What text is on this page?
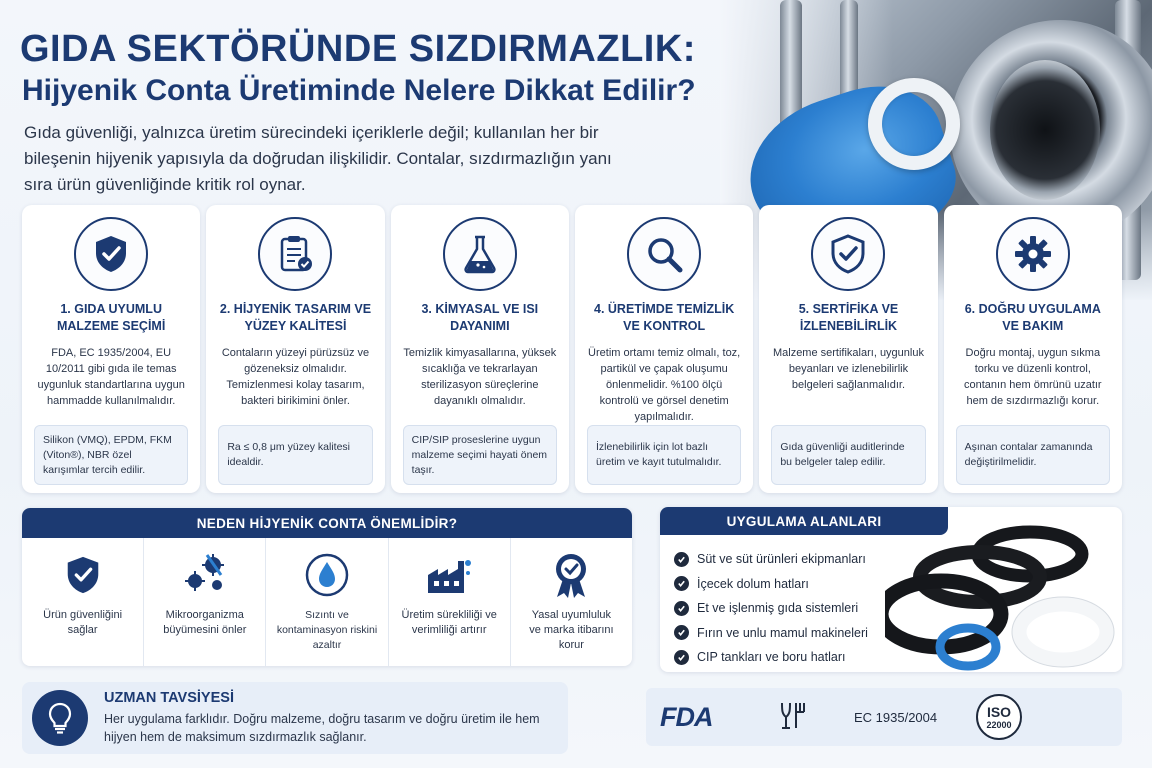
GIDA SEKTÖRÜNDE SIZDIRMAZLIK:
Hijyenik Conta Üretiminde Nelere Dikkat Edilir?

Gıda güvenliği, yalnızca üretim sürecindeki içeriklerle değil; kullanılan her bir bileşenin hijyenik yapısıyla da doğrudan ilişkilidir. Contalar, sızdırmazlığın yanı sıra ürün güvenliğinde kritik rol oynar.

1. GIDA UYUMLU MALZEME SEÇİMİ
FDA, EC 1935/2004, EU 10/2011 gibi gıda ile temas uygunluk standartlarına uygun hammadde kullanılmalıdır.
Silikon (VMQ), EPDM, FKM (Viton®), NBR özel karışımlar tercih edilir.
2. HİJYENİK TASARIM VE YÜZEY KALİTESİ
Contaların yüzeyi pürüzsüz ve gözeneksiz olmalıdır. Temizlenmesi kolay tasarım, bakteri birikimini önler.
Ra ≤ 0,8 μm yüzey kalitesi idealdir.
3. KİMYASAL VE ISI DAYANIMI
Temizlik kimyasallarına, yüksek sıcaklığa ve tekrarlayan sterilizasyon süreçlerine dayanıklı olmalıdır.
CIP/SIP proseslerine uygun malzeme seçimi hayati önem taşır.
4. ÜRETİMDE TEMİZLİK VE KONTROL
Üretim ortamı temiz olmalı, toz, partikül ve çapak oluşumu önlenmelidir. %100 ölçü kontrolü ve görsel denetim yapılmalıdır.
İzlenebilirlik için lot bazlı üretim ve kayıt tutulmalıdır.
5. SERTİFİKA VE İZLENEBİLİRLİK
Malzeme sertifikaları, uygunluk beyanları ve izlenebilirlik belgeleri sağlanmalıdır.
Gıda güvenliği auditlerinde bu belgeler talep edilir.
6. DOĞRU UYGULAMA VE BAKIM
Doğru montaj, uygun sıkma torku ve düzenli kontrol, contanın hem ömrünü uzatır hem de sızdırmazlığı korur.
Aşınan contalar zamanında değiştirilmelidir.
NEDEN HİJYENİK CONTA ÖNEMLİDİR?
Ürün güvenliğini sağlar
Mikroorganizma büyümesini önler
Sızıntı ve kontaminasyon riskini azaltır
Üretim sürekliliği ve verimliliği artırır
Yasal uyumluluk ve marka itibarını korur
UZMAN TAVSİYESİ
Her uygulama farklıdır. Doğru malzeme, doğru tasarım ve doğru üretim ile hem hijyen hem de maksimum sızdırmazlık sağlanır.
UYGULAMA ALANLARI
Süt ve süt ürünleri ekipmanları
İçecek dolum hatları
Et ve işlenmiş gıda sistemleri
Fırın ve unlu mamul makineleri
CIP tankları ve boru hatları
FDA	EC 1935/2004	ISO
22000
